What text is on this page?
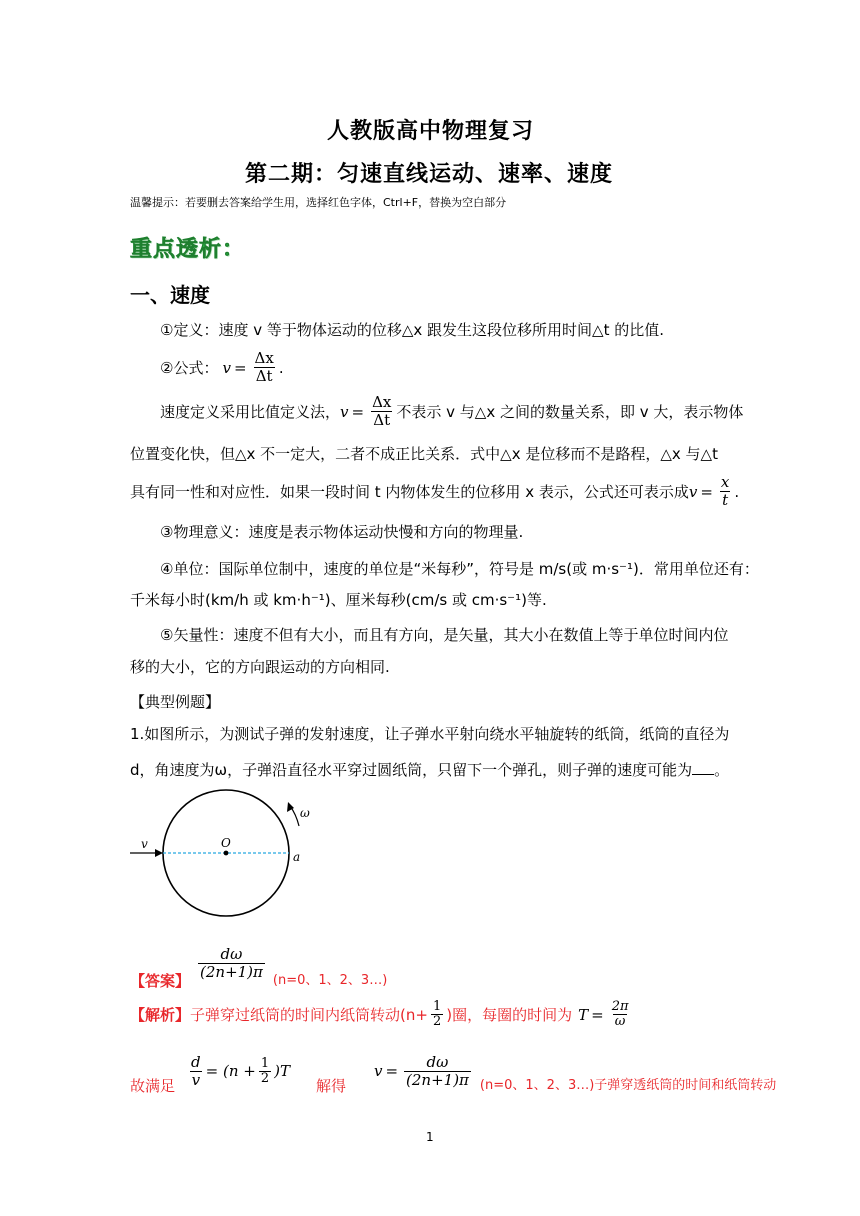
人教版高中物理复习
第二期：匀速直线运动、速率、速度
温馨提示：若要删去答案给学生用，选择红色字体，Ctrl+F，替换为空白部分
重点透析：
一、速度
①定义：速度 v 等于物体运动的位移△x 跟发生这段位移所用时间△t 的比值.
②公式： $v = \frac{\Delta x}{\Delta t}$ .
速度定义采用比值定义法， $v = \frac{\Delta x}{\Delta t}$ 不表示 v 与△x 之间的数量关系，即 v 大，表示物体
位置变化快，但△x 不一定大，二者不成正比关系．式中△x 是位移而不是路程，△x 与△t
具有同一性和对应性．如果一段时间 t 内物体发生的位移用 x 表示，公式还可表示成 $v = \frac{x}{t}$ .
③物理意义：速度是表示物体运动快慢和方向的物理量.
④单位：国际单位制中，速度的单位是“米每秒”，符号是 m/s(或 m·s⁻¹)．常用单位还有：
千米每小时(km/h 或 km·h⁻¹)、厘米每秒(cm/s 或 cm·s⁻¹)等.
⑤矢量性：速度不但有大小，而且有方向，是矢量，其大小在数值上等于单位时间内位
移的大小，它的方向跟运动的方向相同.
【典型例题】
1.如图所示，为测试子弹的发射速度，让子弹水平射向绕水平轴旋转的纸筒，纸筒的直径为
d，角速度为ω，子弹沿直径水平穿过圆纸筒，只留下一个弹孔，则子弹的速度可能为 。
v	O
a
ω
【答案】 $\frac{d\omega}{(2n+1)\pi} (n=0$、1、2、3…)
【解析】 子弹穿过纸筒的时间内纸筒转动($n+ \frac{1}{2}$ )圈，每圈的时间为 $T = \frac{2\pi}{\omega}$
故满足 $\frac{d}{v} = (n + \frac{1}{2} )T$
解得
$v = \frac{d\omega}{(2n+1)\pi} (n=0$、1、2、3…)子弹穿透纸筒的时间和纸筒转动
1
